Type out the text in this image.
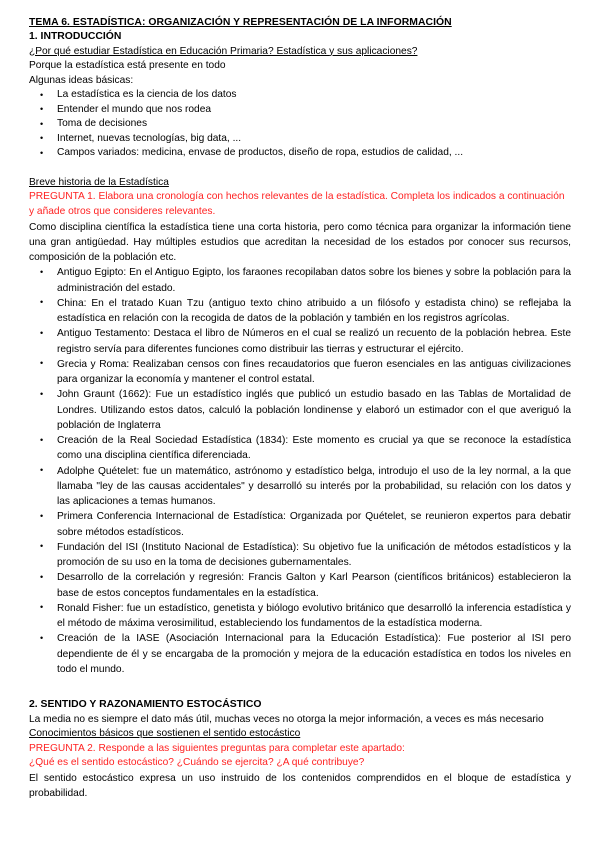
TEMA 6. ESTADÍSTICA: ORGANIZACIÓN Y REPRESENTACIÓN DE LA INFORMACIÓN
1. INTRODUCCIÓN

¿Por qué estudiar Estadística en Educación Primaria? Estadística y sus aplicaciones?

Porque la estadística está presente en todo

Algunas ideas básicas:

• La estadística es la ciencia de los datos
• Entender el mundo que nos rodea
• Toma de decisiones
• Internet, nuevas tecnologías, big data, ...
• Campos variados: medicina, envase de productos, diseño de ropa, estudios de calidad, ...

Breve historia de la Estadística

PREGUNTA 1. Elabora una cronología con hechos relevantes de la estadística. Completa los indicados a continuación y añade otros que consideres relevantes.

Como disciplina científica la estadística tiene una corta historia, pero como técnica para organizar la información tiene una gran antigüedad. Hay múltiples estudios que acreditan la necesidad de los estados por conocer sus recursos, composición de la población etc.

• Antiguo Egipto: En el Antiguo Egipto, los faraones recopilaban datos sobre los bienes y sobre la población para la administración del estado.
• China: En el tratado Kuan Tzu (antiguo texto chino atribuido a un filósofo y estadista chino) se reflejaba la estadística en relación con la recogida de datos de la población y también en los registros agrícolas.
• Antiguo Testamento: Destaca el libro de Números en el cual se realizó un recuento de la población hebrea. Este registro servía para diferentes funciones como distribuir las tierras y estructurar el ejército.
• Grecia y Roma: Realizaban censos con fines recaudatorios que fueron esenciales en las antiguas civilizaciones para organizar la economía y mantener el control estatal.
• John Graunt (1662): Fue un estadístico inglés que publicó un estudio basado en las Tablas de Mortalidad de Londres. Utilizando estos datos, calculó la población londinense y elaboró un estimador con el que averiguó la población de Inglaterra
• Creación de la Real Sociedad Estadística (1834): Este momento es crucial ya que se reconoce la estadística como una disciplina científica diferenciada.
• Adolphe Quételet: fue un matemático, astrónomo y estadístico belga, introdujo el uso de la ley normal, a la que llamaba "ley de las causas accidentales" y desarrolló su interés por la probabilidad, su relación con los datos y las aplicaciones a temas humanos.
• Primera Conferencia Internacional de Estadística: Organizada por Quételet, se reunieron expertos para debatir sobre métodos estadísticos.
• Fundación del ISI (Instituto Nacional de Estadística): Su objetivo fue la unificación de métodos estadísticos y la promoción de su uso en la toma de decisiones gubernamentales.
• Desarrollo de la correlación y regresión: Francis Galton y Karl Pearson (científicos británicos) establecieron la base de estos conceptos fundamentales en la estadística.
• Ronald Fisher: fue un estadístico, genetista y biólogo evolutivo británico que desarrolló la inferencia estadística y el método de máxima verosimilitud, estableciendo los fundamentos de la estadística moderna.
• Creación de la IASE (Asociación Internacional para la Educación Estadística): Fue posterior al ISI pero dependiente de él y se encargaba de la promoción y mejora de la educación estadística en todos los niveles en todo el mundo.
2. SENTIDO Y RAZONAMIENTO ESTOCÁSTICO

La media no es siempre el dato más útil, muchas veces no otorga la mejor información, a veces es más necesario

Conocimientos básicos que sostienen el sentido estocástico

PREGUNTA 2. Responde a las siguientes preguntas para completar este apartado:

¿Qué es el sentido estocástico? ¿Cuándo se ejercita? ¿A qué contribuye?

El sentido estocástico expresa un uso instruido de los contenidos comprendidos en el bloque de estadística y probabilidad.
